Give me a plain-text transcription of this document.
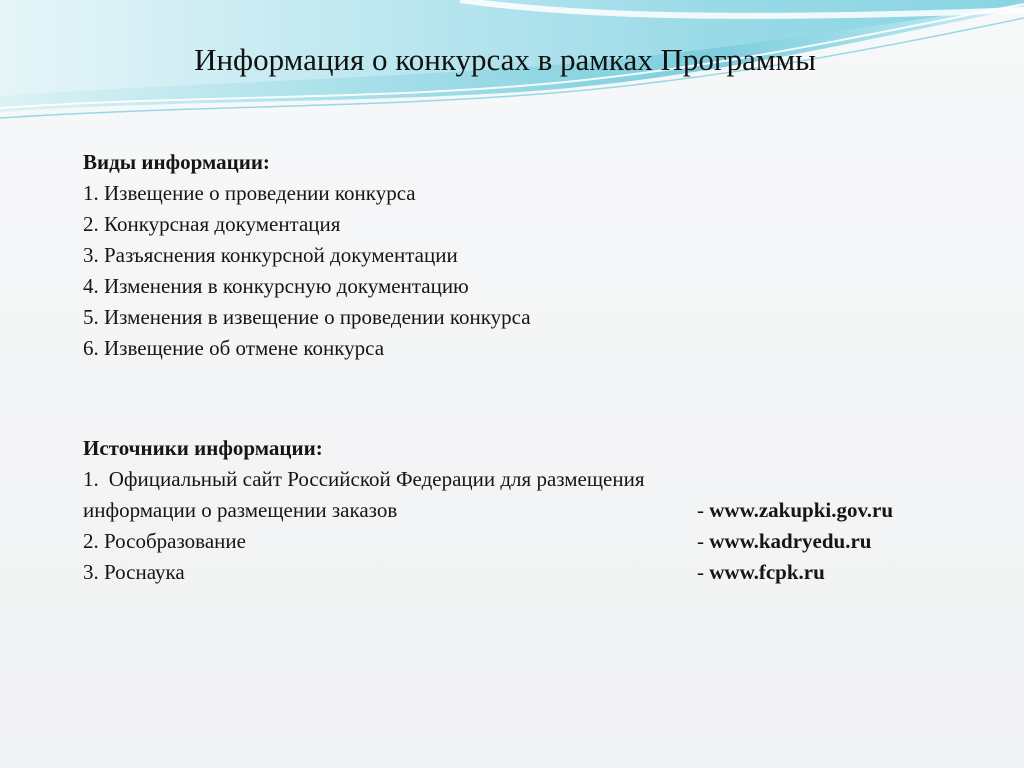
Информация о конкурсах в рамках Программы
Виды информации:
1. Извещение о проведении конкурса
2. Конкурсная документация
3. Разъяснения конкурсной документации
4. Изменения в конкурсную документацию
5. Изменения в извещение о проведении конкурса
6. Извещение об отмене конкурса
Источники информации:
1. Официальный сайт Российской Федерации для размещения
информации о размещении заказов	- www.zakupki.gov.ru
2. Рособразование	- www.kadryedu.ru
3. Роснаука	- www.fcpk.ru
